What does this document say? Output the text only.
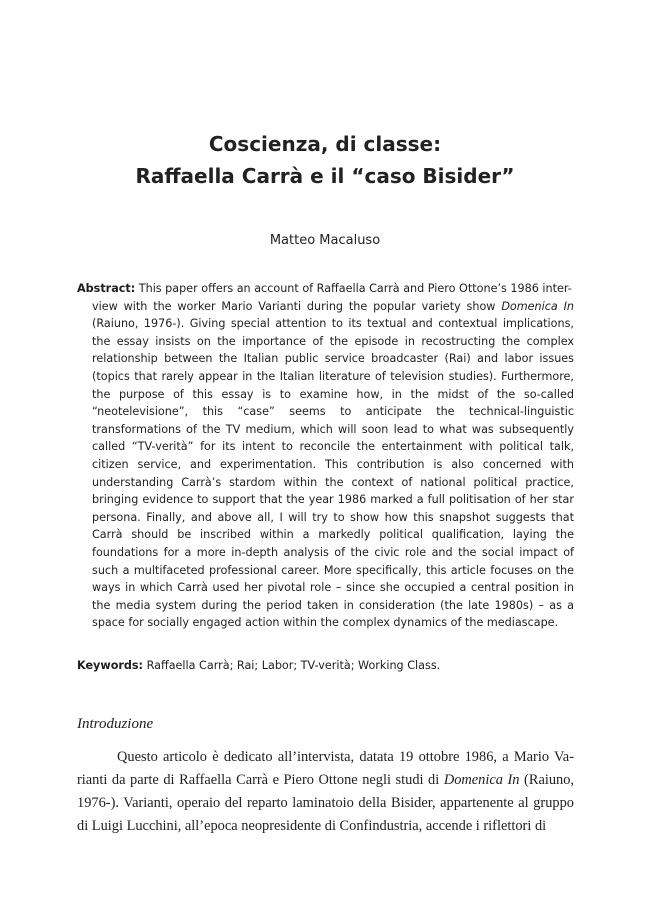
Coscienza, di classe:
Raffaella Carrà e il “caso Bisider”
Matteo Macaluso
Abstract: This paper offers an account of Raffaella Carrà and Piero Ottone’s 1986 inter-
view with the worker Mario Varianti during the popular variety show Domenica In (Raiuno, 1976-). Giving special attention to its textual and contextual implications, the essay insists on the importance of the episode in recostructing the complex relationship between the Italian public service broadcaster (Rai) and labor issues (topics that rarely appear in the Italian literature of television studies). Furthermore, the purpose of this essay is to examine how, in the midst of the so-called “neotelevisione”, this “case” seems to anticipate the technical-linguistic transformations of the TV medium, which will soon lead to what was subsequently called “TV-verità” for its intent to reconcile the entertainment with political talk, citizen service, and experimentation. This contribution is also concerned with understanding Carrà’s stardom within the context of national political practice, bringing evidence to support that the year 1986 marked a full politisation of her star persona. Finally, and above all, I will try to show how this snapshot suggests that Carrà should be inscribed within a markedly political qualification, laying the foundations for a more in-depth analysis of the civic role and the social impact of such a multifaceted professional career. More specifically, this article focuses on the ways in which Carrà used her pivotal role – since she occupied a central position in the media system during the period taken in consideration (the late 1980s) – as a space for socially engaged action within the complex dynamics of the mediascape.
Keywords: Raffaella Carrà; Rai; Labor; TV-verità; Working Class.
Introduzione
Questo articolo è dedicato all’intervista, datata 19 ottobre 1986, a Mario Varianti da parte di Raffaella Carrà e Piero Ottone negli studi di Domenica In (Raiuno, 1976-). Varianti, operaio del reparto laminatoio della Bisider, appartenente al gruppo di Luigi Lucchini, all’epoca neopresidente di Confindustria, accende i riflettori di
